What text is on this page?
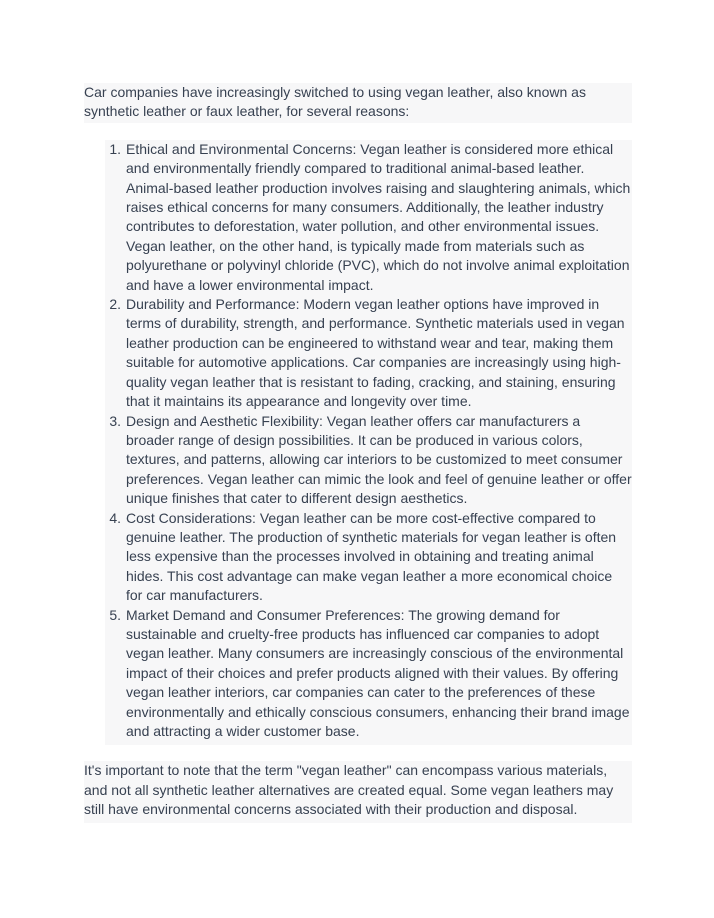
Car companies have increasingly switched to using vegan leather, also known as synthetic leather or faux leather, for several reasons:

1. Ethical and Environmental Concerns: Vegan leather is considered more ethical and environmentally friendly compared to traditional animal-based leather. Animal-based leather production involves raising and slaughtering animals, which raises ethical concerns for many consumers. Additionally, the leather industry contributes to deforestation, water pollution, and other environmental issues. Vegan leather, on the other hand, is typically made from materials such as polyurethane or polyvinyl chloride (PVC), which do not involve animal exploitation and have a lower environmental impact.
2. Durability and Performance: Modern vegan leather options have improved in terms of durability, strength, and performance. Synthetic materials used in vegan leather production can be engineered to withstand wear and tear, making them suitable for automotive applications. Car companies are increasingly using high-quality vegan leather that is resistant to fading, cracking, and staining, ensuring that it maintains its appearance and longevity over time.
3. Design and Aesthetic Flexibility: Vegan leather offers car manufacturers a broader range of design possibilities. It can be produced in various colors, textures, and patterns, allowing car interiors to be customized to meet consumer preferences. Vegan leather can mimic the look and feel of genuine leather or offer unique finishes that cater to different design aesthetics.
4. Cost Considerations: Vegan leather can be more cost-effective compared to genuine leather. The production of synthetic materials for vegan leather is often less expensive than the processes involved in obtaining and treating animal hides. This cost advantage can make vegan leather a more economical choice for car manufacturers.
5. Market Demand and Consumer Preferences: The growing demand for sustainable and cruelty-free products has influenced car companies to adopt vegan leather. Many consumers are increasingly conscious of the environmental impact of their choices and prefer products aligned with their values. By offering vegan leather interiors, car companies can cater to the preferences of these environmentally and ethically conscious consumers, enhancing their brand image and attracting a wider customer base.

It's important to note that the term "vegan leather" can encompass various materials, and not all synthetic leather alternatives are created equal. Some vegan leathers may still have environmental concerns associated with their production and disposal.
